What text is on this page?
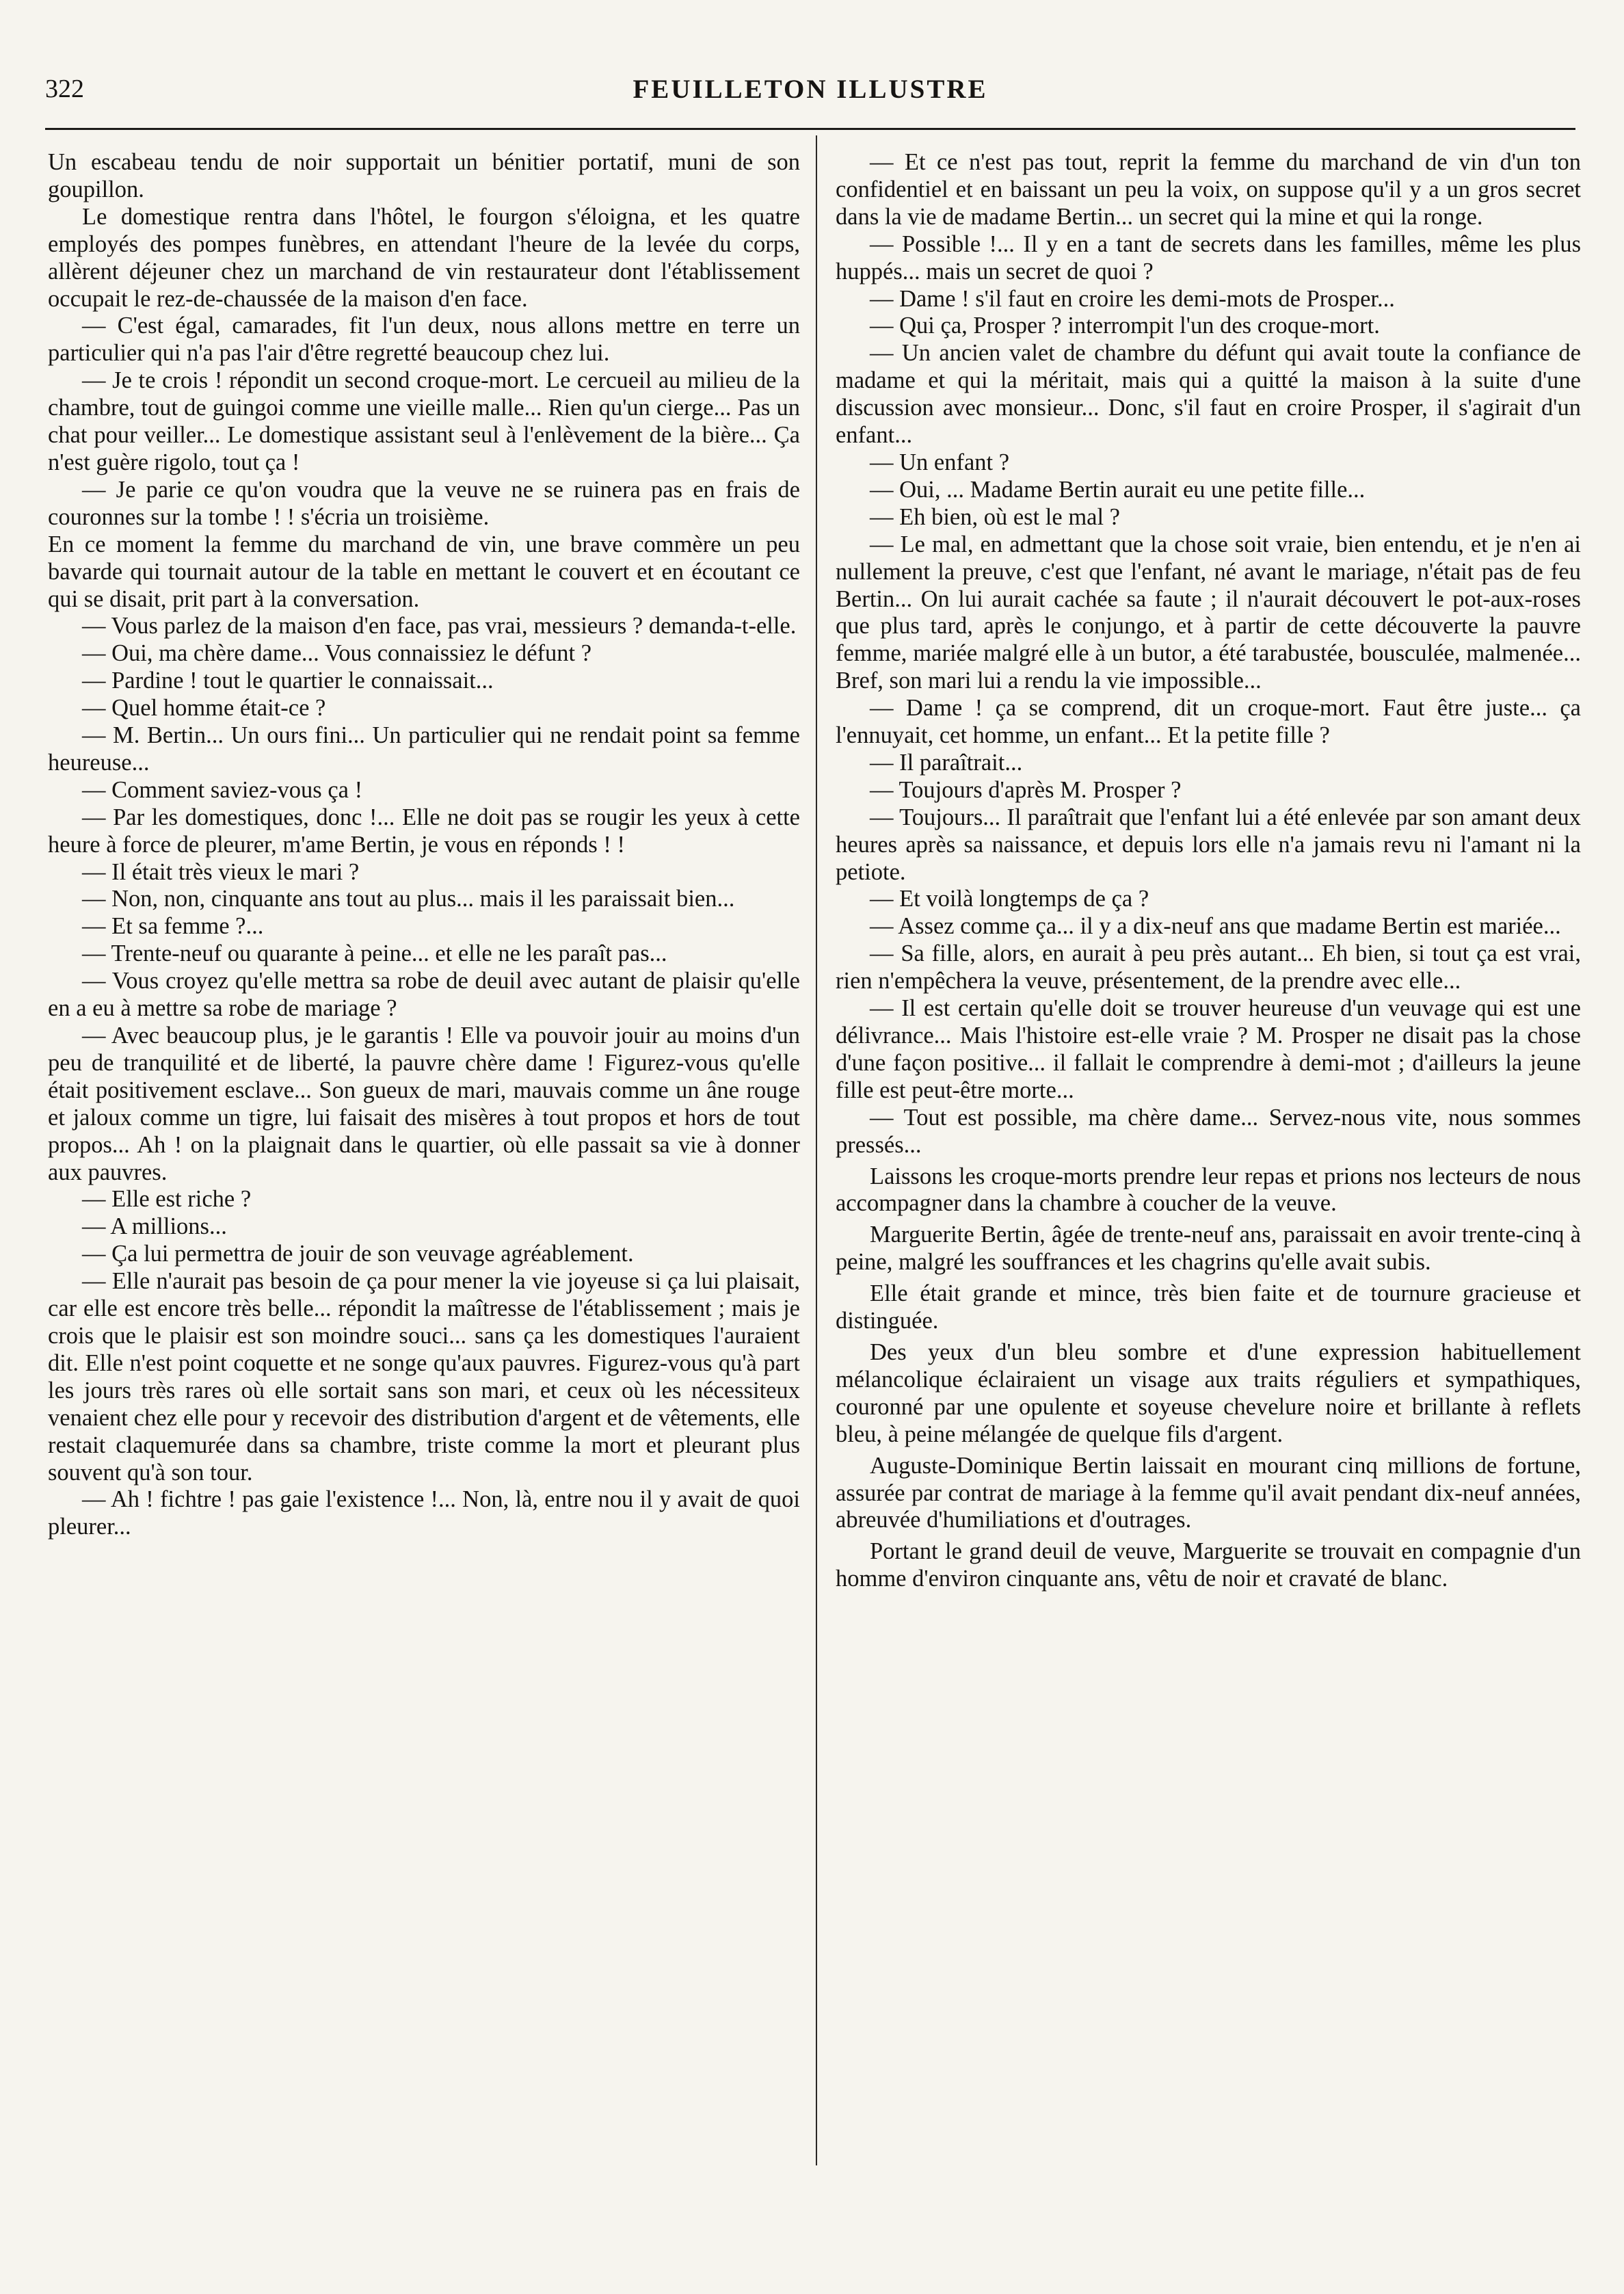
322	FEUILLETON ILLUSTRE

Un escabeau tendu de noir supportait un bénitier portatif, muni de son goupillon.

Le domestique rentra dans l'hôtel, le fourgon s'éloigna, et les quatre employés des pompes funèbres, en attendant l'heure de la levée du corps, allèrent déjeuner chez un marchand de vin restaurateur dont l'établissement occupait le rez-de-chaussée de la maison d'en face.

— C'est égal, camarades, fit l'un deux, nous allons mettre en terre un particulier qui n'a pas l'air d'être regretté beaucoup chez lui.

— Je te crois ! répondit un second croque-mort. Le cercueil au milieu de la chambre, tout de guingoi comme une vieille malle... Rien qu'un cierge... Pas un chat pour veiller... Le domestique assistant seul à l'enlèvement de la bière... Ça n'est guère rigolo, tout ça !

— Je parie ce qu'on voudra que la veuve ne se ruinera pas en frais de couronnes sur la tombe ! ! s'écria un troisième.

En ce moment la femme du marchand de vin, une brave commère un peu bavarde qui tournait autour de la table en mettant le couvert et en écoutant ce qui se disait, prit part à la conversation.

— Vous parlez de la maison d'en face, pas vrai, messieurs ? demanda-t-elle.

— Oui, ma chère dame... Vous connaissiez le défunt ?

— Pardine ! tout le quartier le connaissait...

— Quel homme était-ce ?

— M. Bertin... Un ours fini... Un particulier qui ne rendait point sa femme heureuse...

— Comment saviez-vous ça !

— Par les domestiques, donc !... Elle ne doit pas se rougir les yeux à cette heure à force de pleurer, m'ame Bertin, je vous en réponds ! !

— Il était très vieux le mari ?

— Non, non, cinquante ans tout au plus... mais il les paraissait bien...

— Et sa femme ?...

— Trente-neuf ou quarante à peine... et elle ne les paraît pas...

— Vous croyez qu'elle mettra sa robe de deuil avec autant de plaisir qu'elle en a eu à mettre sa robe de mariage ?

— Avec beaucoup plus, je le garantis ! Elle va pouvoir jouir au moins d'un peu de tranquilité et de liberté, la pauvre chère dame ! Figurez-vous qu'elle était positivement esclave... Son gueux de mari, mauvais comme un âne rouge et jaloux comme un tigre, lui faisait des misères à tout propos et hors de tout propos... Ah ! on la plaignait dans le quartier, où elle passait sa vie à donner aux pauvres.

— Elle est riche ?

— A millions...

— Ça lui permettra de jouir de son veuvage agréablement.

— Elle n'aurait pas besoin de ça pour mener la vie joyeuse si ça lui plaisait, car elle est encore très belle... répondit la maîtresse de l'établissement ; mais je crois que le plaisir est son moindre souci... sans ça les domestiques l'auraient dit. Elle n'est point coquette et ne songe qu'aux pauvres. Figurez-vous qu'à part les jours très rares où elle sortait sans son mari, et ceux où les nécessiteux venaient chez elle pour y recevoir des distribution d'argent et de vêtements, elle restait claquemurée dans sa chambre, triste comme la mort et pleurant plus souvent qu'à son tour.

— Ah ! fichtre ! pas gaie l'existence !... Non, là, entre nou il y avait de quoi pleurer...

— Et ce n'est pas tout, reprit la femme du marchand de vin d'un ton confidentiel et en baissant un peu la voix, on suppose qu'il y a un gros secret dans la vie de madame Bertin... un secret qui la mine et qui la ronge.

— Possible !... Il y en a tant de secrets dans les familles, même les plus huppés... mais un secret de quoi ?

— Dame ! s'il faut en croire les demi-mots de Prosper...

— Qui ça, Prosper ? interrompit l'un des croque-mort.

— Un ancien valet de chambre du défunt qui avait toute la confiance de madame et qui la méritait, mais qui a quitté la maison à la suite d'une discussion avec monsieur... Donc, s'il faut en croire Prosper, il s'agirait d'un enfant...

— Un enfant ?

— Oui, ... Madame Bertin aurait eu une petite fille...

— Eh bien, où est le mal ?

— Le mal, en admettant que la chose soit vraie, bien entendu, et je n'en ai nullement la preuve, c'est que l'enfant, né avant le mariage, n'était pas de feu Bertin... On lui aurait cachée sa faute ; il n'aurait découvert le pot-aux-roses que plus tard, après le conjungo, et à partir de cette découverte la pauvre femme, mariée malgré elle à un butor, a été tarabustée, bousculée, malmenée... Bref, son mari lui a rendu la vie impossible...

— Dame ! ça se comprend, dit un croque-mort. Faut être juste... ça l'ennuyait, cet homme, un enfant... Et la petite fille ?

— Il paraîtrait...

— Toujours d'après M. Prosper ?

— Toujours... Il paraîtrait que l'enfant lui a été enlevée par son amant deux heures après sa naissance, et depuis lors elle n'a jamais revu ni l'amant ni la petiote.

— Et voilà longtemps de ça ?

— Assez comme ça... il y a dix-neuf ans que madame Bertin est mariée...

— Sa fille, alors, en aurait à peu près autant... Eh bien, si tout ça est vrai, rien n'empêchera la veuve, présentement, de la prendre avec elle...

— Il est certain qu'elle doit se trouver heureuse d'un veuvage qui est une délivrance... Mais l'histoire est-elle vraie ? M. Prosper ne disait pas la chose d'une façon positive... il fallait le comprendre à demi-mot ; d'ailleurs la jeune fille est peut-être morte...

— Tout est possible, ma chère dame... Servez-nous vite, nous sommes pressés...

Laissons les croque-morts prendre leur repas et prions nos lecteurs de nous accompagner dans la chambre à coucher de la veuve.

Marguerite Bertin, âgée de trente-neuf ans, paraissait en avoir trente-cinq à peine, malgré les souffrances et les chagrins qu'elle avait subis.

Elle était grande et mince, très bien faite et de tournure gracieuse et distinguée.

Des yeux d'un bleu sombre et d'une expression habituellement mélancolique éclairaient un visage aux traits réguliers et sympathiques, couronné par une opulente et soyeuse chevelure noire et brillante à reflets bleu, à peine mélangée de quelque fils d'argent.

Auguste-Dominique Bertin laissait en mourant cinq millions de fortune, assurée par contrat de mariage à la femme qu'il avait pendant dix-neuf années, abreuvée d'humiliations et d'outrages.

Portant le grand deuil de veuve, Marguerite se trouvait en compagnie d'un homme d'environ cinquante ans, vêtu de noir et cravaté de blanc.
